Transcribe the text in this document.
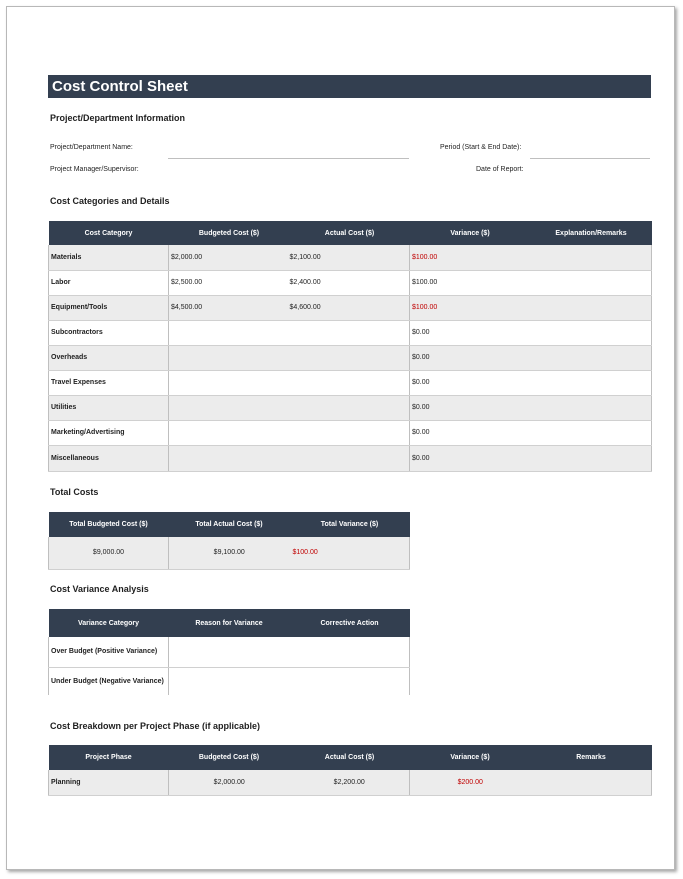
Cost Control Sheet
Project/Department Information
Project/Department Name:	Period (Start & End Date):
Project Manager/Supervisor:	Date of Report:
Cost Categories and Details
Cost Category	Budgeted Cost ($)	Actual Cost ($)	Variance ($)	Explanation/Remarks
Materials	$2,000.00	$2,100.00	$100.00	
Labor	$2,500.00	$2,400.00	$100.00	
Equipment/Tools	$4,500.00	$4,600.00	$100.00	
Subcontractors			$0.00	
Overheads			$0.00	
Travel Expenses			$0.00	
Utilities			$0.00	
Marketing/Advertising			$0.00	
Miscellaneous			$0.00	
Total Costs
Total Budgeted Cost ($)	Total Actual Cost ($)	Total Variance ($)
$9,000.00	$9,100.00	$100.00
Cost Variance Analysis
Variance Category	Reason for Variance	Corrective Action
Over Budget (Positive Variance)		
Under Budget (Negative Variance)		
Cost Breakdown per Project Phase (if applicable)
Project Phase	Budgeted Cost ($)	Actual Cost ($)	Variance ($)	Remarks
Planning	$2,000.00	$2,200.00	$200.00	
